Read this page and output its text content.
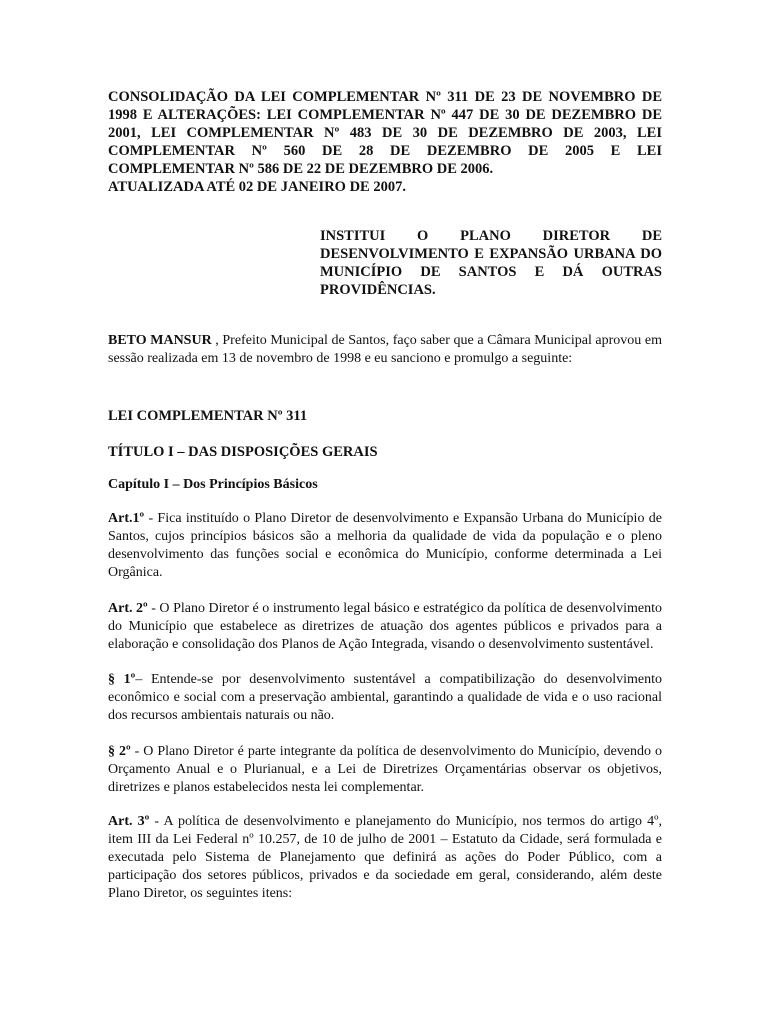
CONSOLIDAÇÃO DA LEI COMPLEMENTAR Nº 311 DE 23 DE NOVEMBRO DE 1998 E ALTERAÇÕES: LEI COMPLEMENTAR Nº 447 DE 30 DE DEZEMBRO DE 2001, LEI COMPLEMENTAR Nº 483 DE 30 DE DEZEMBRO DE 2003, LEI COMPLEMENTAR Nº 560 DE 28 DE DEZEMBRO DE 2005 E LEI COMPLEMENTAR Nº 586 DE 22 DE DEZEMBRO DE 2006.
ATUALIZADA ATÉ 02 DE JANEIRO DE 2007.

INSTITUI O PLANO DIRETOR DE DESENVOLVIMENTO E EXPANSÃO URBANA DO MUNICÍPIO DE SANTOS E DÁ OUTRAS PROVIDÊNCIAS.

BETO MANSUR , Prefeito Municipal de Santos, faço saber que a Câmara Municipal aprovou em sessão realizada em 13 de novembro de 1998 e eu sanciono e promulgo a seguinte:

LEI COMPLEMENTAR Nº 311

TÍTULO I – DAS DISPOSIÇÕES GERAIS

Capítulo I – Dos Princípios Básicos

Art.1º - Fica instituído o Plano Diretor de desenvolvimento e Expansão Urbana do Município de Santos, cujos princípios básicos são a melhoria da qualidade de vida da população e o pleno desenvolvimento das funções social e econômica do Município, conforme determinada a Lei Orgânica.

Art. 2º - O Plano Diretor é o instrumento legal básico e estratégico da política de desenvolvimento do Município que estabelece as diretrizes de atuação dos agentes públicos e privados para a elaboração e consolidação dos Planos de Ação Integrada, visando o desenvolvimento sustentável.

§ 1º– Entende-se por desenvolvimento sustentável a compatibilização do desenvolvimento econômico e social com a preservação ambiental, garantindo a qualidade de vida e o uso racional dos recursos ambientais naturais ou não.

§ 2º - O Plano Diretor é parte integrante da política de desenvolvimento do Município, devendo o Orçamento Anual e o Plurianual, e a Lei de Diretrizes Orçamentárias observar os objetivos, diretrizes e planos estabelecidos nesta lei complementar.

Art. 3º - A política de desenvolvimento e planejamento do Município, nos termos do artigo 4º, item III da Lei Federal nº 10.257, de 10 de julho de 2001 – Estatuto da Cidade, será formulada e executada pelo Sistema de Planejamento que definirá as ações do Poder Público, com a participação dos setores públicos, privados e da sociedade em geral, considerando, além deste Plano Diretor, os seguintes itens:
